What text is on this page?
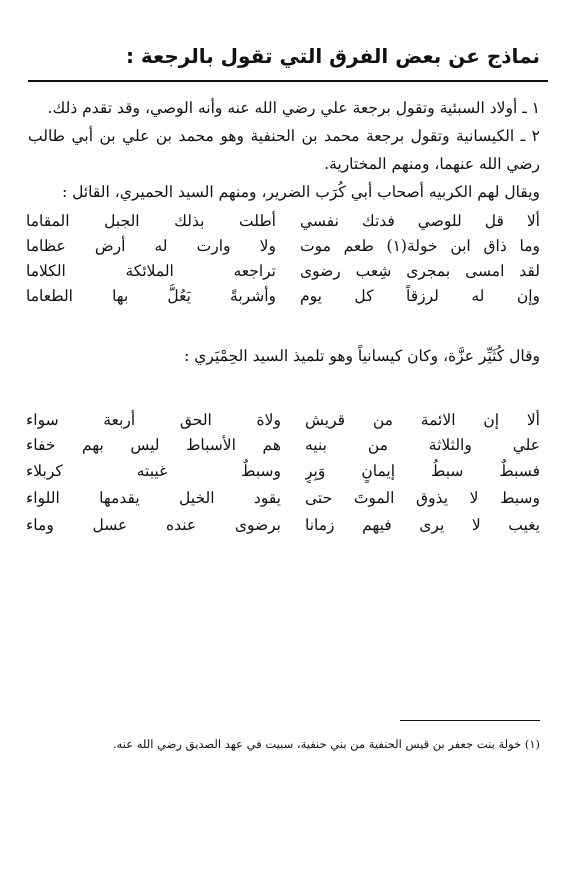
نماذج عن بعض الفرق التي تقول بالرجعة :
١ ـ أولاد السبئية وتقول برجعة علي رضي الله عنه وأنه الوصي، وقد تقدم ذلك.
٢ ـ الكيسانية وتقول برجعة محمد بن الحنفية وهو محمد بن علي بن أبي طالب رضي الله عنهما، ومنهم المختارية.
ويقال لهم الكربيه أصحاب أبي كُرَب الضرير، ومنهم السيد الحميري، القائل :
ألا قل للوصي فدتك نفسي
أطلت بذلك الجبل المقاما
وما ذاق ابن خولة(١) طعم موت
ولا وارت له أرض عظاما
لقد امسى بمجرى شِعب رضوى
تراجعه الملائكة الكلاما
وإن له لرزقاً كل يوم
وأشربةً يَعُلُّ بها الطعاما
وقال كُثَيِّر عزَّة، وكان كيسانياً وهو تلميذ السيد الحِمْيَري :
ألا إن الائمة من قريش
ولاة الحق أربعة سواء
علي والثلاثة من بنيه
هم الأسباط ليس بهم خفاء
فسبطٌ سبطُ إيمانٍ وَبِرٍ
وسبطٌ غيبته كربلاء
وسبط لا يذوق الموتَ حتى
يقود الخيل يقدمها اللواء
يغيب لا يرى فيهم زمانا
برضوى عنده عسل وماء
(١) خولة بنت جعفر بن قيس الحنفية من بني حنفية، سبيت في عهد الصديق رضي الله عنه.
